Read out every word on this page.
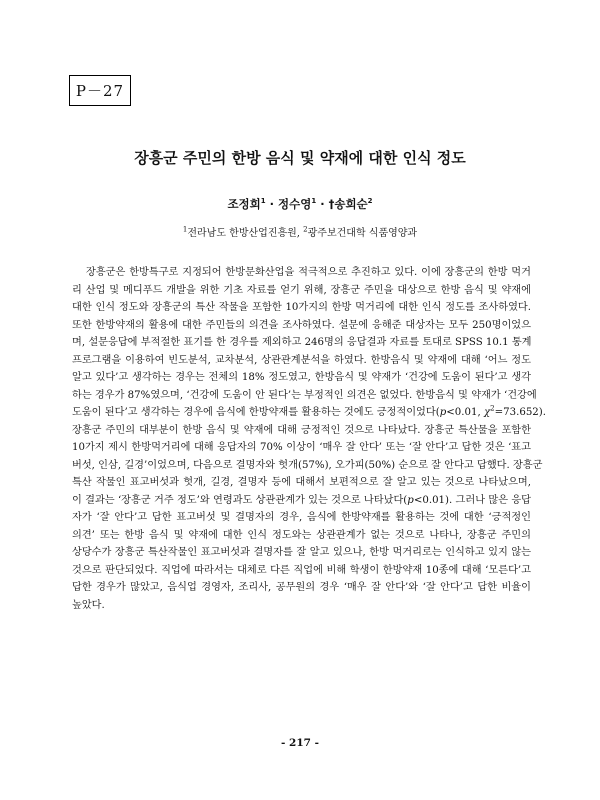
P－27
장흥군 주민의 한방 음식 및 약재에 대한 인식 정도
조정희$^1$ · 정수영$^1$ · †송희순$^2$
$^1$전라남도 한방산업진흥원, $^2$광주보건대학 식품영양과
장흥군은 한방특구로 지정되어 한방문화산업을 적극적으로 추진하고 있다. 이에 장흥군의 한방 먹거
리 산업 및 메디푸드 개발을 위한 기초 자료를 얻기 위해, 장흥군 주민을 대상으로 한방 음식 및 약재에
대한 인식 정도와 장흥군의 특산 작물을 포함한 10가지의 한방 먹거리에 대한 인식 정도를 조사하였다.
또한 한방약재의 활용에 대한 주민들의 의견을 조사하였다. 설문에 응해준 대상자는 모두 250명이었으
며, 설문응답에 부적절한 표기를 한 경우를 제외하고 246명의 응답결과 자료를 토대로 SPSS 10.1 통계
프로그램을 이용하여 빈도분석, 교차분석, 상관관계분석을 하였다. 한방음식 및 약재에 대해 ‘어느 정도
알고 있다’고 생각하는 경우는 전체의 18% 정도였고, 한방음식 및 약재가 ‘건강에 도움이 된다’고 생각
하는 경우가 87%였으며, ‘건강에 도움이 안 된다’는 부정적인 의견은 없었다. 한방음식 및 약재가 ‘건강에
도움이 된다’고 생각하는 경우에 음식에 한방약재를 활용하는 것에도 긍정적이었다(p<0.01, $\chi^2=73.652$).
장흥군 주민의 대부분이 한방 음식 및 약재에 대해 긍정적인 것으로 나타났다. 장흥군 특산물을 포함한
10가지 제시 한방먹거리에 대해 응답자의 70% 이상이 ‘매우 잘 안다’ 또는 ‘잘 안다’고 답한 것은 ‘표고
버섯, 인삼, 길경’이었으며, 다음으로 결명자와 헛개(57%), 오가피(50%) 순으로 잘 안다고 답했다. 장흥군
특산 작물인 표고버섯과 헛개, 길경, 결명자 등에 대해서 보편적으로 잘 알고 있는 것으로 나타났으며,
이 결과는 ‘장흥군 거주 정도’와 연령과도 상관관계가 있는 것으로 나타났다(p<0.01). 그러나 많은 응답
자가 ‘잘 안다’고 답한 표고버섯 및 결명자의 경우, 음식에 한방약재를 활용하는 것에 대한 ‘긍적정인
의견’ 또는 한방 음식 및 약재에 대한 인식 정도와는 상관관계가 없는 것으로 나타나, 장흥군 주민의
상당수가 장흥군 특산작물인 표고버섯과 결명자를 잘 알고 있으나, 한방 먹거리로는 인식하고 있지 않는
것으로 판단되었다. 직업에 따라서는 대체로 다른 직업에 비해 학생이 한방약재 10종에 대해 ‘모른다’고
답한 경우가 많았고, 음식업 경영자, 조리사, 공무원의 경우 ‘매우 잘 안다’와 ‘잘 안다’고 답한 비율이
높았다.
- 217 -
